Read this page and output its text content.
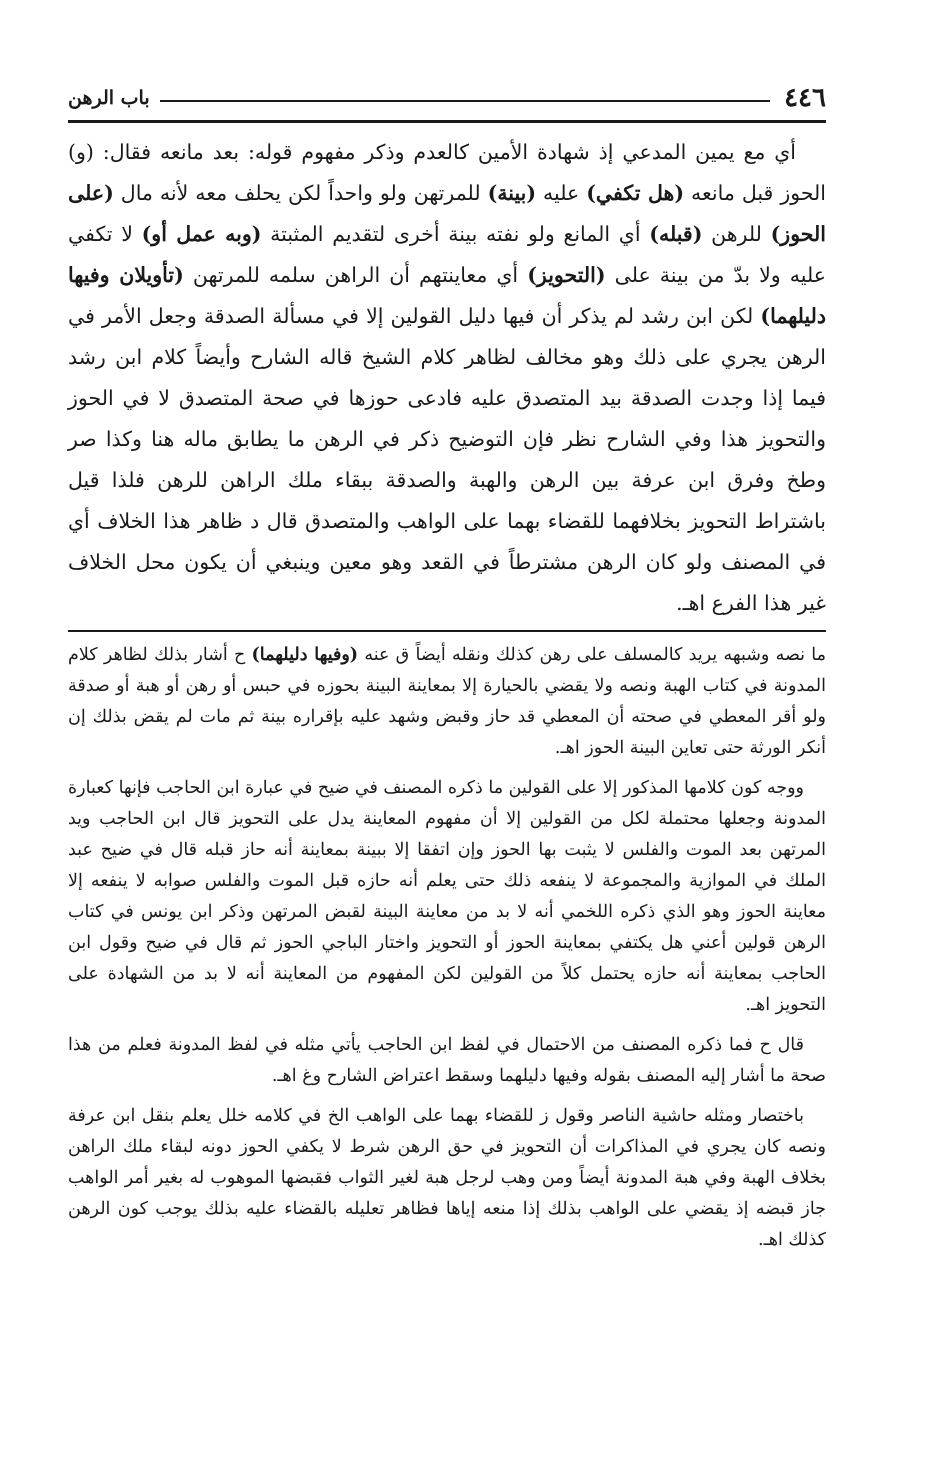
٤٤٦
باب الرهن

أي مع يمين المدعي إذ شهادة الأمين كالعدم وذكر مفهوم قوله: بعد مانعه فقال: (و) الحوز قبل مانعه (هل تكفي) عليه (بينة) للمرتهن ولو واحداً لكن يحلف معه لأنه مال (على الحوز) للرهن (قبله) أي المانع ولو نفته بينة أخرى لتقديم المثبتة (وبه عمل أو) لا تكفي عليه ولا بدّ من بينة على (التحويز) أي معاينتهم أن الراهن سلمه للمرتهن (تأويلان وفيها دليلهما) لكن ابن رشد لم يذكر أن فيها دليل القولين إلا في مسألة الصدقة وجعل الأمر في الرهن يجري على ذلك وهو مخالف لظاهر كلام الشيخ قاله الشارح وأيضاً كلام ابن رشد فيما إذا وجدت الصدقة بيد المتصدق عليه فادعى حوزها في صحة المتصدق لا في الحوز والتحويز هذا وفي الشارح نظر فإن التوضيح ذكر في الرهن ما يطابق ماله هنا وكذا صر وطخ وفرق ابن عرفة بين الرهن والهبة والصدقة ببقاء ملك الراهن للرهن فلذا قيل باشتراط التحويز بخلافهما للقضاء بهما على الواهب والمتصدق قال د ظاهر هذا الخلاف أي في المصنف ولو كان الرهن مشترطاً في القعد وهو معين وينبغي أن يكون محل الخلاف غير هذا الفرع اهـ.

ما نصه وشبهه يريد كالمسلف على رهن كذلك ونقله أيضاً ق عنه (وفيها دليلهما) ح أشار بذلك لظاهر كلام المدونة في كتاب الهبة ونصه ولا يقضي بالحيارة إلا بمعاينة البينة بحوزه في حبس أو رهن أو هبة أو صدقة ولو أقر المعطي في صحته أن المعطي قد حاز وقبض وشهد عليه بإقراره بينة ثم مات لم يقض بذلك إن أنكر الورثة حتى تعاين البينة الحوز اهـ.

ووجه كون كلامها المذكور إلا على القولين ما ذكره المصنف في ضيح في عبارة ابن الحاجب فإنها كعبارة المدونة وجعلها محتملة لكل من القولين إلا أن مفهوم المعاينة يدل على التحويز قال ابن الحاجب ويد المرتهن بعد الموت والفلس لا يثبت بها الحوز وإن اتفقا إلا ببينة بمعاينة أنه حاز قبله قال في ضيح عبد الملك في الموازية والمجموعة لا ينفعه ذلك حتى يعلم أنه حازه قبل الموت والفلس صوابه لا ينفعه إلا معاينة الحوز وهو الذي ذكره اللخمي أنه لا بد من معاينة البينة لقبض المرتهن وذكر ابن يونس في كتاب الرهن قولين أعني هل يكتفي بمعاينة الحوز أو التحويز واختار الباجي الحوز ثم قال في ضيح وقول ابن الحاجب بمعاينة أنه حازه يحتمل كلاً من القولين لكن المفهوم من المعاينة أنه لا بد من الشهادة على التحويز اهـ.

قال ح فما ذكره المصنف من الاحتمال في لفظ ابن الحاجب يأتي مثله في لفظ المدونة فعلم من هذا صحة ما أشار إليه المصنف بقوله وفيها دليلهما وسقط اعتراض الشارح وغ اهـ.

باختصار ومثله حاشية الناصر وقول ز للقضاء بهما على الواهب الخ في كلامه خلل يعلم بنقل ابن عرفة ونصه كان يجري في المذاكرات أن التحويز في حق الرهن شرط لا يكفي الحوز دونه لبقاء ملك الراهن بخلاف الهبة وفي هبة المدونة أيضاً ومن وهب لرجل هبة لغير الثواب فقبضها الموهوب له بغير أمر الواهب جاز قبضه إذ يقضي على الواهب بذلك إذا منعه إياها فظاهر تعليله بالقضاء عليه بذلك يوجب كون الرهن كذلك اهـ.
